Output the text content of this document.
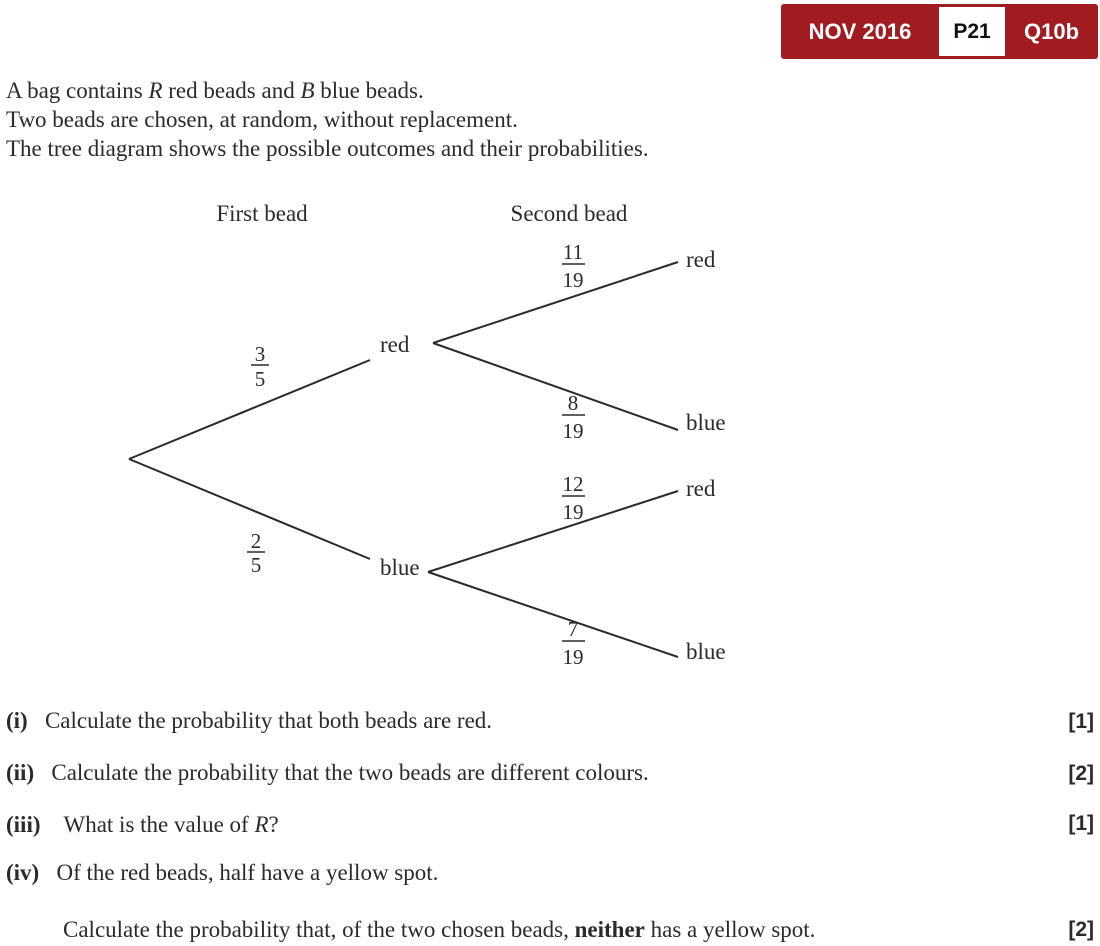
NOV 2016	P21	Q10b
A bag contains R red beads and B blue beads.
Two beads are chosen, at random, without replacement.
The tree diagram shows the possible outcomes and their probabilities.
First bead	Second bead
red
blue
3
5
2
5
red
blue
red
blue
11
19
8
19
12
19
7
19
(i) Calculate the probability that both beads are red.	[1]
(ii) Calculate the probability that the two beads are different colours.	[2]
(iii) What is the value of R?	[1]
(iv) Of the red beads, half have a yellow spot.
Calculate the probability that, of the two chosen beads, neither has a yellow spot.	[2]
